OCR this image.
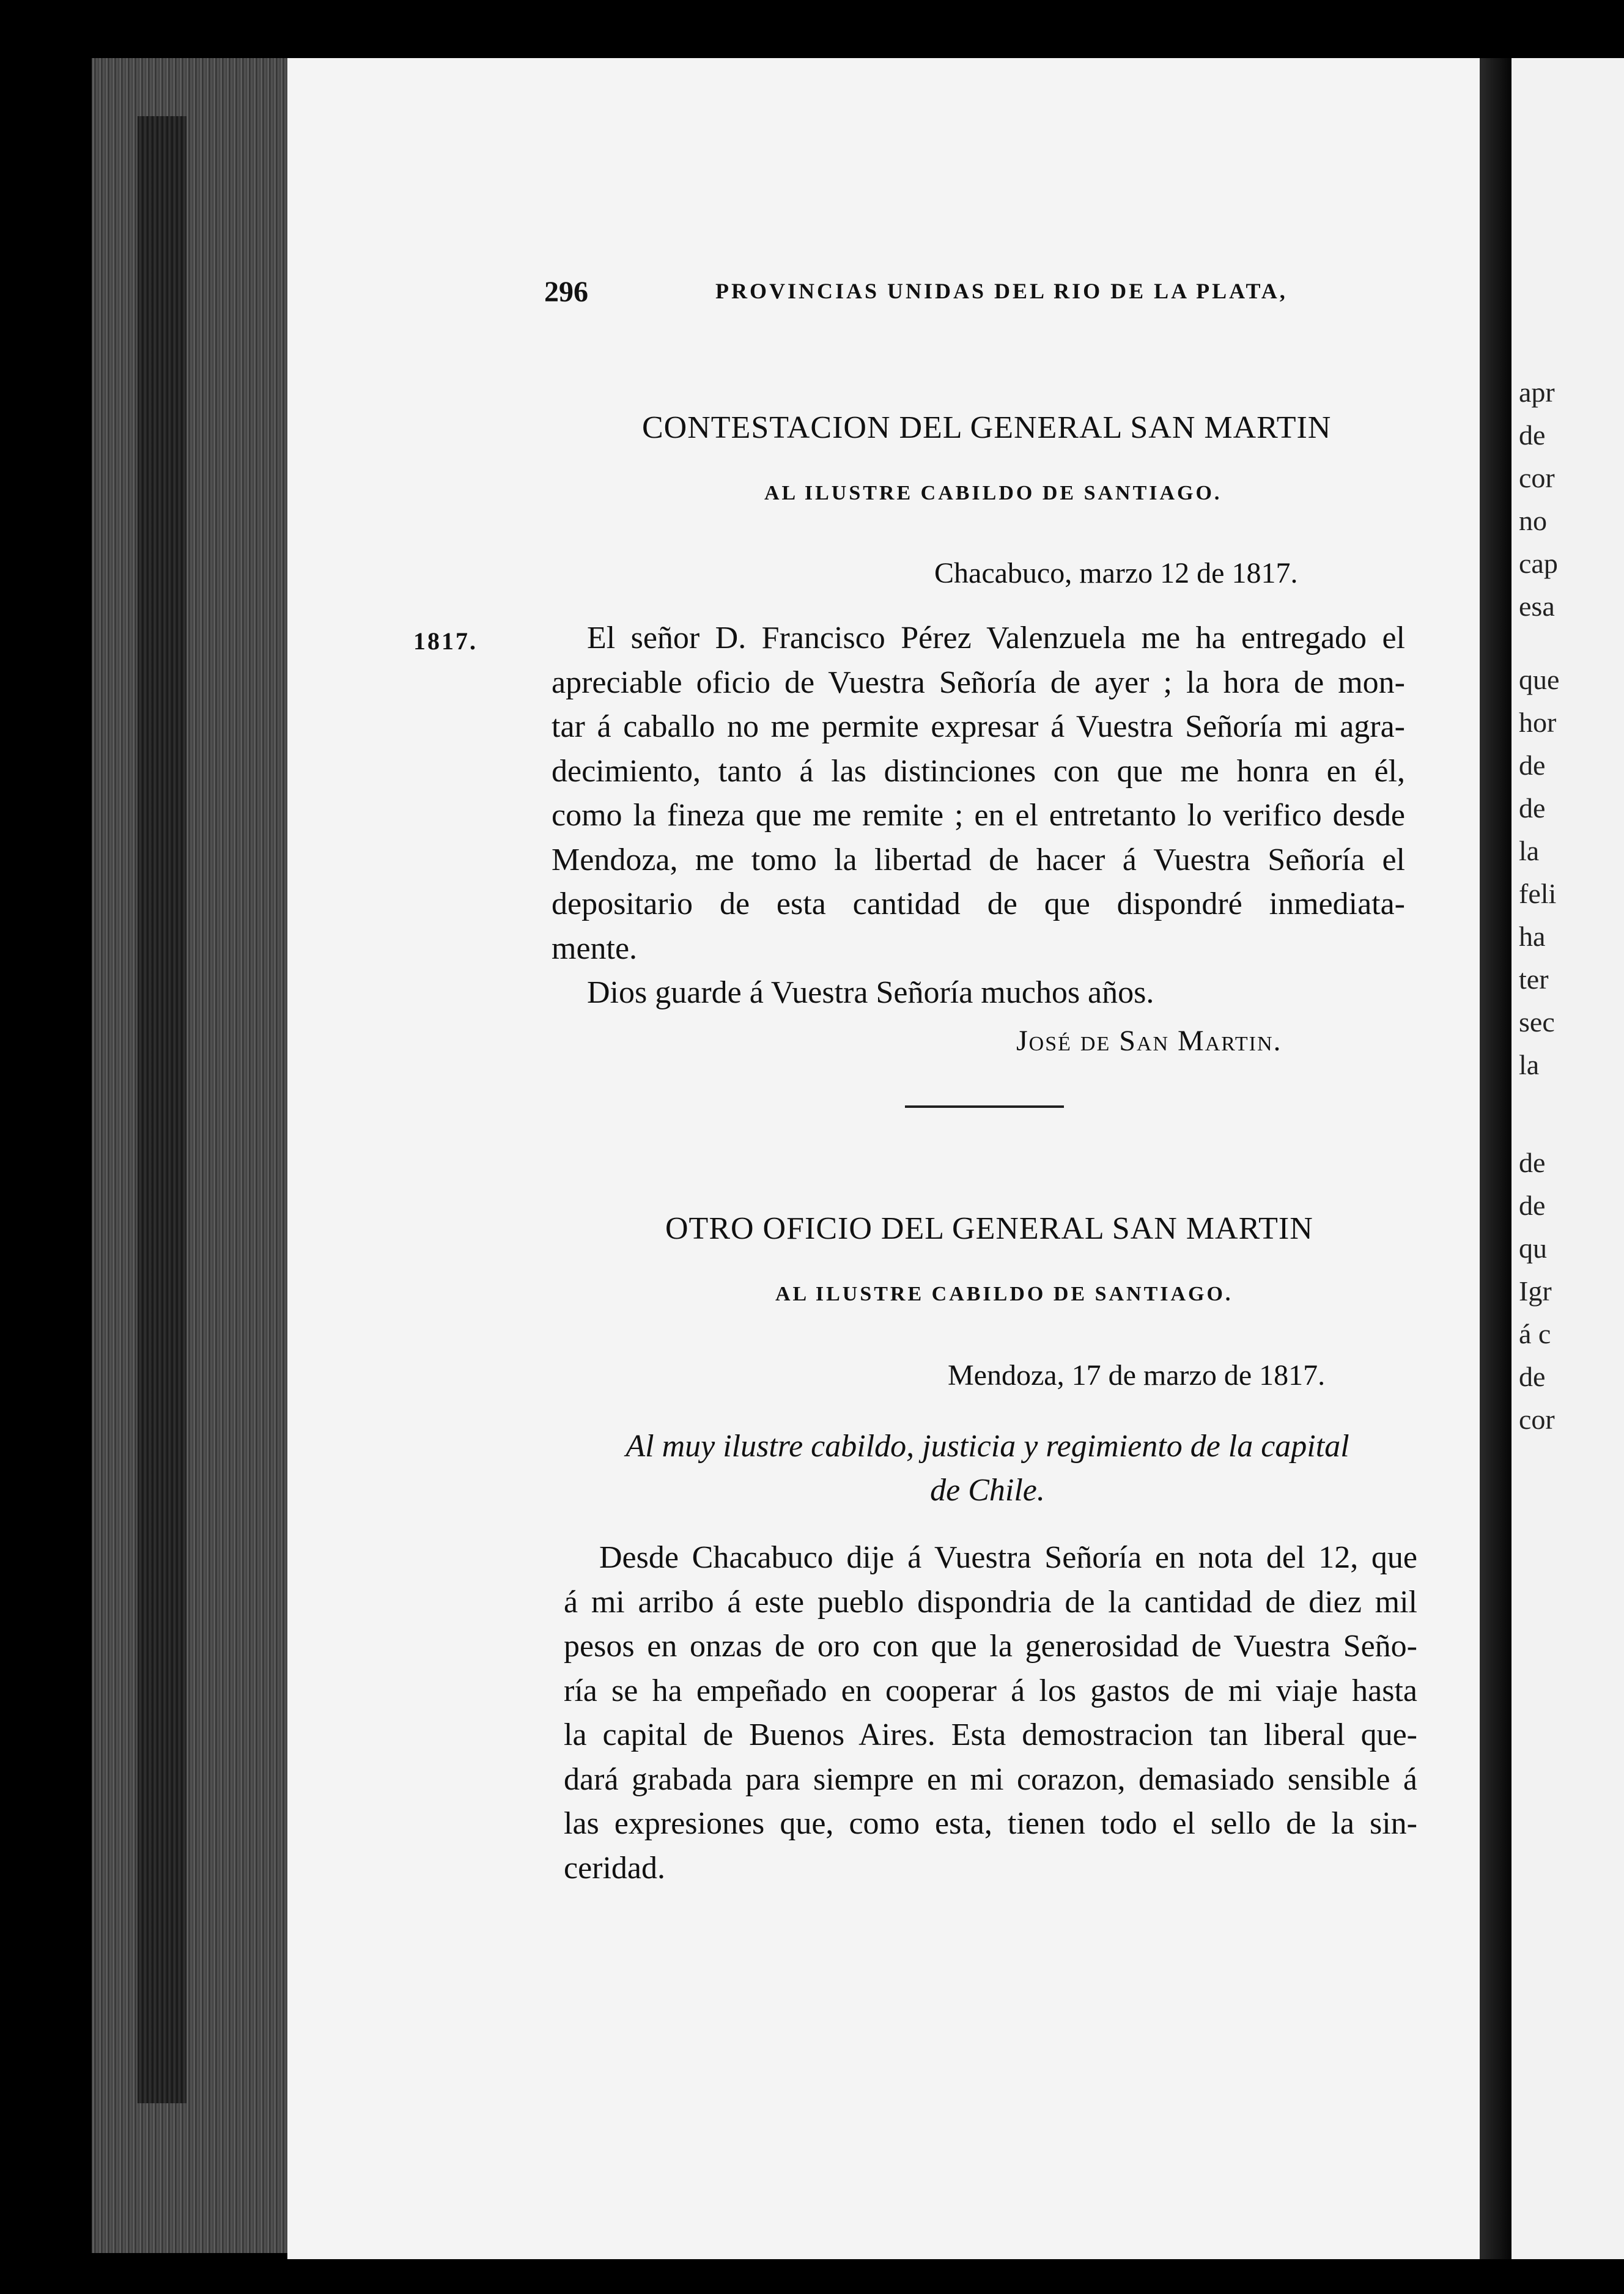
apr
de
cor
no
cap
esa
que
hor
de
de
la
feli
ha
ter
sec
la
de
de
qu
Igr
á c
de
cor
296	PROVINCIAS UNIDAS DEL RIO DE LA PLATA,
CONTESTACION DEL GENERAL SAN MARTIN
AL ILUSTRE CABILDO DE SANTIAGO.
Chacabuco, marzo 12 de 1817.
1817.	El señor D. Francisco Pérez Valenzuela me ha entregado el

apreciable oficio de Vuestra Señoría de ayer ; la hora de mon-

tar á caballo no me permite expresar á Vuestra Señoría mi agra-

decimiento, tanto á las distinciones con que me honra en él,

como la fineza que me remite ; en el entretanto lo verifico desde

Mendoza, me tomo la libertad de hacer á Vuestra Señoría el

depositario de esta cantidad de que dispondré inmediata-

mente.

Dios guarde á Vuestra Señoría muchos años.

José de San Martin.
OTRO OFICIO DEL GENERAL SAN MARTIN
AL ILUSTRE CABILDO DE SANTIAGO.
Mendoza, 17 de marzo de 1817.
Al muy ilustre cabildo, justicia y regimiento de la capital
de Chile.

Desde Chacabuco dije á Vuestra Señoría en nota del 12, que

á mi arribo á este pueblo dispondria de la cantidad de diez mil

pesos en onzas de oro con que la generosidad de Vuestra Seño-

ría se ha empeñado en cooperar á los gastos de mi viaje hasta

la capital de Buenos Aires. Esta demostracion tan liberal que-

dará grabada para siempre en mi corazon, demasiado sensible á

las expresiones que, como esta, tienen todo el sello de la sin-

ceridad.
